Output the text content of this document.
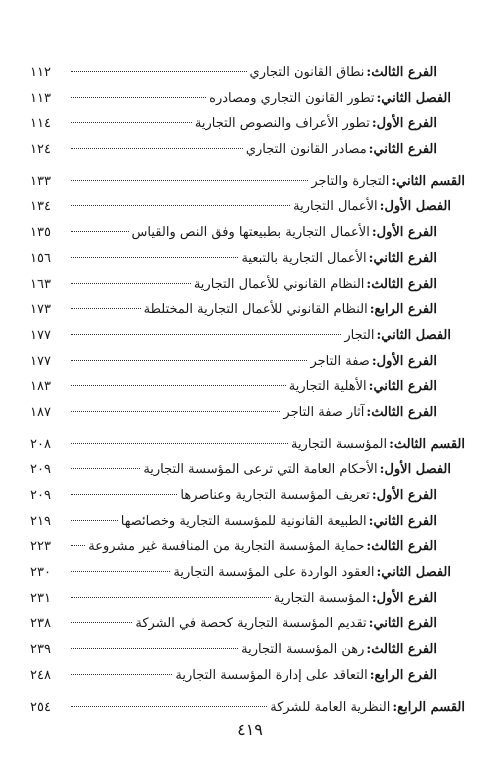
الفرع الثالث:
نطاق القانون التجاري
١١٢
الفصل الثاني:
تطور القانون التجاري ومصادره
١١٣
الفرع الأول:
تطور الأعراف والنصوص التجارية
١١٤
الفرع الثاني:
مصادر القانون التجاري
١٢٤
القسم الثاني:
التجارة والتاجر
١٣٣
الفصل الأول:
الأعمال التجارية
١٣٤
الفرع الأول:
الأعمال التجارية بطبيعتها وفق النص والقياس
١٣٥
الفرع الثاني:
الأعمال التجارية بالتبعية
١٥٦
الفرع الثالث:
النظام القانوني للأعمال التجارية
١٦٣
الفرع الرابع:
النظام القانوني للأعمال التجارية المختلطة
١٧٣
الفصل الثاني:
التجار
١٧٧
الفرع الأول:
صفة التاجر
١٧٧
الفرع الثاني:
الأهلية التجارية
١٨٣
الفرع الثالث:
آثار صفة التاجر
١٨٧
القسم الثالث:
المؤسسة التجارية
٢٠٨
الفصل الأول:
الأحكام العامة التي ترعى المؤسسة التجارية
٢٠٩
الفرع الأول:
تعريف المؤسسة التجارية وعناصرها
٢٠٩
الفرع الثاني:
الطبيعة القانونية للمؤسسة التجارية وخصائصها
٢١٩
الفرع الثالث:
حماية المؤسسة التجارية من المنافسة غير مشروعة
٢٢٣
الفصل الثاني:
العقود الواردة على المؤسسة التجارية
٢٣٠
الفرع الأول:
المؤسسة التجارية
٢٣١
الفرع الثاني:
تقديم المؤسسة التجارية كحصة في الشركة
٢٣٨
الفرع الثالث:
رهن المؤسسة التجارية
٢٣٩
الفرع الرابع:
التعاقد على إدارة المؤسسة التجارية
٢٤٨
القسم الرابع:
النظرية العامة للشركة
٢٥٤
٤١٩
